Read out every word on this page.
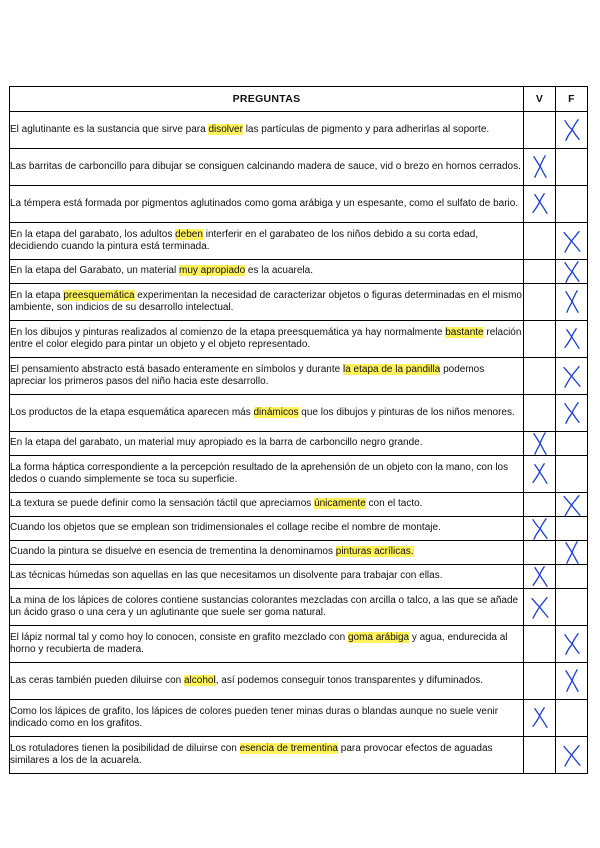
PREGUNTAS	V	F
El aglutinante es la sustancia que sirve para disolver las partículas de pigmento y para adherirlas al soporte.		

Las barritas de carboncillo para dibujar se consiguen calcinando madera de sauce, vid o brezo en hornos cerrados.	

La témpera está formada por pigmentos aglutinados como goma arábiga y un espesante, como el sulfato de bario.	

En la etapa del garabato, los adultos deben interferir en el garabateo de los niños debido a su corta edad, decidiendo cuando la pintura está terminada.		

En la etapa del Garabato, un material muy apropiado es la acuarela.		

En la etapa preesquemática experimentan la necesidad de caracterizar objetos o figuras determinadas en el mismo ambiente, son indicios de su desarrollo intelectual.		

En los dibujos y pinturas realizados al comienzo de la etapa preesquemática ya hay normalmente bastante relación entre el color elegido para pintar un objeto y el objeto representado.		

El pensamiento abstracto está basado enteramente en símbolos y durante la etapa de la pandilla podemos apreciar los primeros pasos del niño hacia este desarrollo.		

Los productos de la etapa esquemática aparecen más dinámicos que los dibujos y pinturas de los niños menores.		

En la etapa del garabato, un material muy apropiado es la barra de carboncillo negro grande.	

La forma háptica correspondiente a la percepción resultado de la aprehensión de un objeto con la mano, con los dedos o cuando simplemente se toca su superficie.	

La textura se puede definir como la sensación táctil que apreciamos únicamente con el tacto.		

Cuando los objetos que se emplean son tridimensionales el collage recibe el nombre de montaje.	

Cuando la pintura se disuelve en esencia de trementina la denominamos pinturas acrílicas.		

Las técnicas húmedas son aquellas en las que necesitamos un disolvente para trabajar con ellas.	

La mina de los lápices de colores contiene sustancias colorantes mezcladas con arcilla o talco, a las que se añade un ácido graso o una cera y un aglutinante que suele ser goma natural.	

El lápiz normal tal y como hoy lo conocen, consiste en grafito mezclado con goma arábiga y agua, endurecida al horno y recubierta de madera.		

Las ceras también pueden diluirse con alcohol, así podemos conseguir tonos transparentes y difuminados.		

Como los lápices de grafito, los lápices de colores pueden tener minas duras o blandas aunque no suele venir indicado como en los grafitos.	

Los rotuladores tienen la posibilidad de diluirse con esencia de trementina para provocar efectos de aguadas similares a los de la acuarela.		
